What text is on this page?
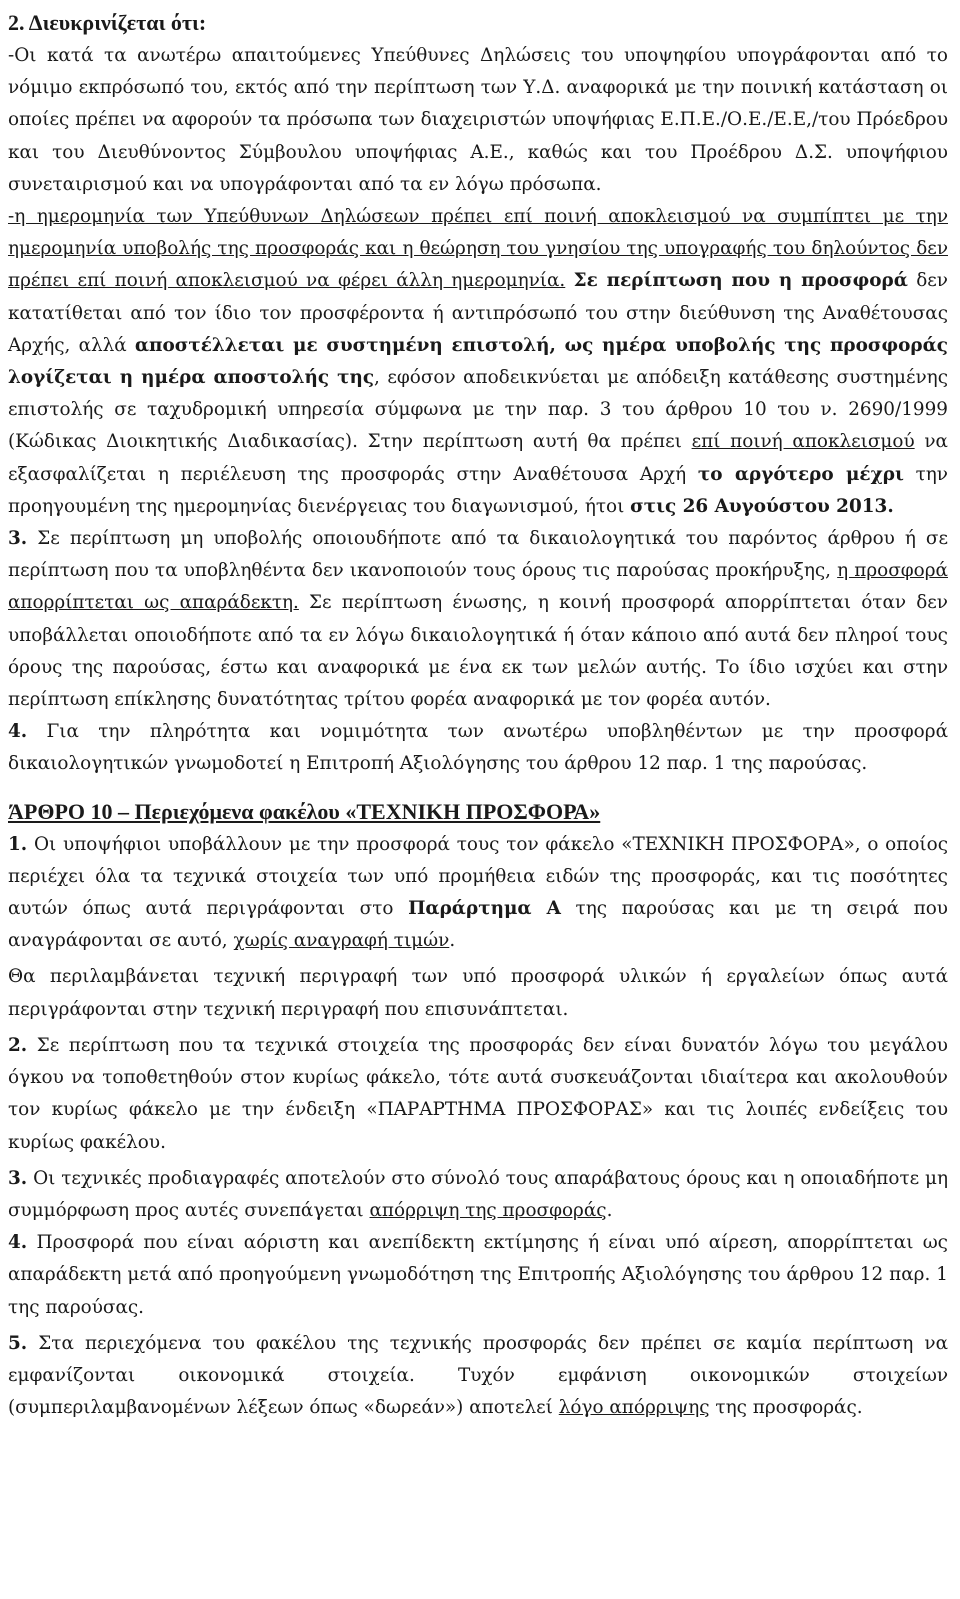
2. Διευκρινίζεται ότι:

-Οι κατά τα ανωτέρω απαιτούμενες Υπεύθυνες Δηλώσεις του υποψηφίου υπογράφονται από το νόμιμο εκπρόσωπό του, εκτός από την περίπτωση των Υ.Δ. αναφορικά με την ποινική κατάσταση οι οποίες πρέπει να αφορούν τα πρόσωπα των διαχειριστών υποψήφιας Ε.Π.Ε./Ο.Ε./Ε.Ε,/του Πρόεδρου και του Διευθύνοντος Σύμβουλου υποψήφιας Α.Ε., καθώς και του Προέδρου Δ.Σ. υποψήφιου συνεταιρισμού και να υπογράφονται από τα εν λόγω πρόσωπα.

-η ημερομηνία των Υπεύθυνων Δηλώσεων πρέπει επί ποινή αποκλεισμού να συμπίπτει με την ημερομηνία υποβολής της προσφοράς και η θεώρηση του γνησίου της υπογραφής του δηλούντος δεν πρέπει επί ποινή αποκλεισμού να φέρει άλλη ημερομηνία. Σε περίπτωση που η προσφορά δεν κατατίθεται από τον ίδιο τον προσφέροντα ή αντιπρόσωπό του στην διεύθυνση της Αναθέτουσας Αρχής, αλλά αποστέλλεται με συστημένη επιστολή, ως ημέρα υποβολής της προσφοράς λογίζεται η ημέρα αποστολής της, εφόσον αποδεικνύεται με απόδειξη κατάθεσης συστημένης επιστολής σε ταχυδρομική υπηρεσία σύμφωνα με την παρ. 3 του άρθρου 10 του ν. 2690/1999 (Κώδικας Διοικητικής Διαδικασίας). Στην περίπτωση αυτή θα πρέπει επί ποινή αποκλεισμού να εξασφαλίζεται η περιέλευση της προσφοράς στην Αναθέτουσα Αρχή το αργότερο μέχρι την προηγουμένη της ημερομηνίας διενέργειας του διαγωνισμού, ήτοι στις 26 Αυγούστου 2013.

3. Σε περίπτωση μη υποβολής οποιουδήποτε από τα δικαιολογητικά του παρόντος άρθρου ή σε περίπτωση που τα υποβληθέντα δεν ικανοποιούν τους όρους τις παρούσας προκήρυξης, η προσφορά απορρίπτεται ως απαράδεκτη. Σε περίπτωση ένωσης, η κοινή προσφορά απορρίπτεται όταν δεν υποβάλλεται οποιοδήποτε από τα εν λόγω δικαιολογητικά ή όταν κάποιο από αυτά δεν πληροί τους όρους της παρούσας, έστω και αναφορικά με ένα εκ των μελών αυτής. Το ίδιο ισχύει και στην περίπτωση επίκλησης δυνατότητας τρίτου φορέα αναφορικά με τον φορέα αυτόν.

4. Για την πληρότητα και νομιμότητα των ανωτέρω υποβληθέντων με την προσφορά δικαιολογητικών γνωμοδοτεί η Επιτροπή Αξιολόγησης του άρθρου 12 παρ. 1 της παρούσας.

ΆΡΘΡΟ 10 – Περιεχόμενα φακέλου «ΤΕΧΝΙΚΗ ΠΡΟΣΦΟΡΑ»

1. Οι υποψήφιοι υποβάλλουν με την προσφορά τους τον φάκελο «ΤΕΧΝΙΚΗ ΠΡΟΣΦΟΡΑ», ο οποίος περιέχει όλα τα τεχνικά στοιχεία των υπό προμήθεια ειδών της προσφοράς, και τις ποσότητες αυτών όπως αυτά περιγράφονται στο Παράρτημα Α της παρούσας και με τη σειρά που αναγράφονται σε αυτό, χωρίς αναγραφή τιμών.

Θα περιλαμβάνεται τεχνική περιγραφή των υπό προσφορά υλικών ή εργαλείων όπως αυτά περιγράφονται στην τεχνική περιγραφή που επισυνάπτεται.

2. Σε περίπτωση που τα τεχνικά στοιχεία της προσφοράς δεν είναι δυνατόν λόγω του μεγάλου όγκου να τοποθετηθούν στον κυρίως φάκελο, τότε αυτά συσκευάζονται ιδιαίτερα και ακολουθούν τον κυρίως φάκελο με την ένδειξη «ΠΑΡΑΡΤΗΜΑ ΠΡΟΣΦΟΡΑΣ» και τις λοιπές ενδείξεις του κυρίως φακέλου.

3. Οι τεχνικές προδιαγραφές αποτελούν στο σύνολό τους απαράβατους όρους και η οποιαδήποτε μη συμμόρφωση προς αυτές συνεπάγεται απόρριψη της προσφοράς.

4. Προσφορά που είναι αόριστη και ανεπίδεκτη εκτίμησης ή είναι υπό αίρεση, απορρίπτεται ως απαράδεκτη μετά από προηγούμενη γνωμοδότηση της Επιτροπής Αξιολόγησης του άρθρου 12 παρ. 1 της παρούσας.

5. Στα περιεχόμενα του φακέλου της τεχνικής προσφοράς δεν πρέπει σε καμία περίπτωση να εμφανίζονται οικονομικά στοιχεία. Τυχόν εμφάνιση οικονομικών στοιχείων (συμπεριλαμβανομένων λέξεων όπως «δωρεάν») αποτελεί λόγο απόρριψης της προσφοράς.
